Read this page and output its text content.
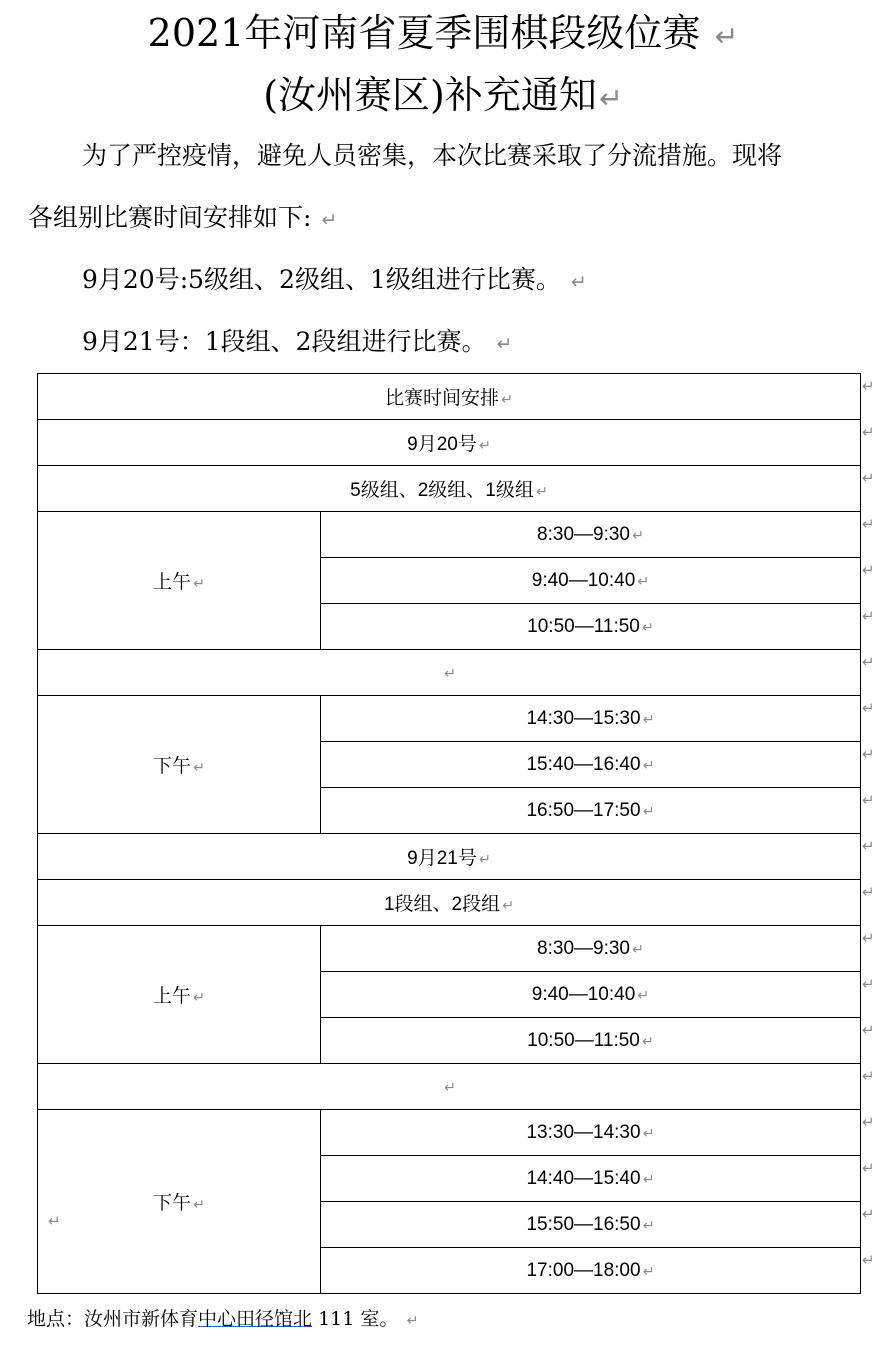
2021年河南省夏季围棋段级位赛 ↵
(汝州赛区)补充通知↵
为了严控疫情，避免人员密集，本次比赛采取了分流措施。现将
各组别比赛时间安排如下: ↵
9月20号:5级组、2级组、1级组进行比赛。 ↵
9月21号：1段组、2段组进行比赛。 ↵
比赛时间安排 ↵	
9月20号 ↵	
5级组、2级组、1级组 ↵	
上午 ↵	8:30—9:30 ↵
	9:40—10:40 ↵
	10:50—11:50 ↵
↵	
下午 ↵	14:30—15:30 ↵
	15:40—16:40 ↵
	16:50—17:50 ↵
9月21号 ↵	
1段组、2段组 ↵	
上午 ↵	8:30—9:30 ↵
	9:40—10:40 ↵
	10:50—11:50 ↵
↵	
下午 ↵	13:30—14:30 ↵
	14:40—15:40 ↵
	15:50—16:50 ↵
	17:00—18:00 ↵
↵
↵
↵
↵
↵
↵
↵
↵
↵
↵
↵
↵
↵
↵
↵
↵
↵
↵
↵
↵
↵
地点：汝州市新体育中心田径馆北 111 室。 ↵
